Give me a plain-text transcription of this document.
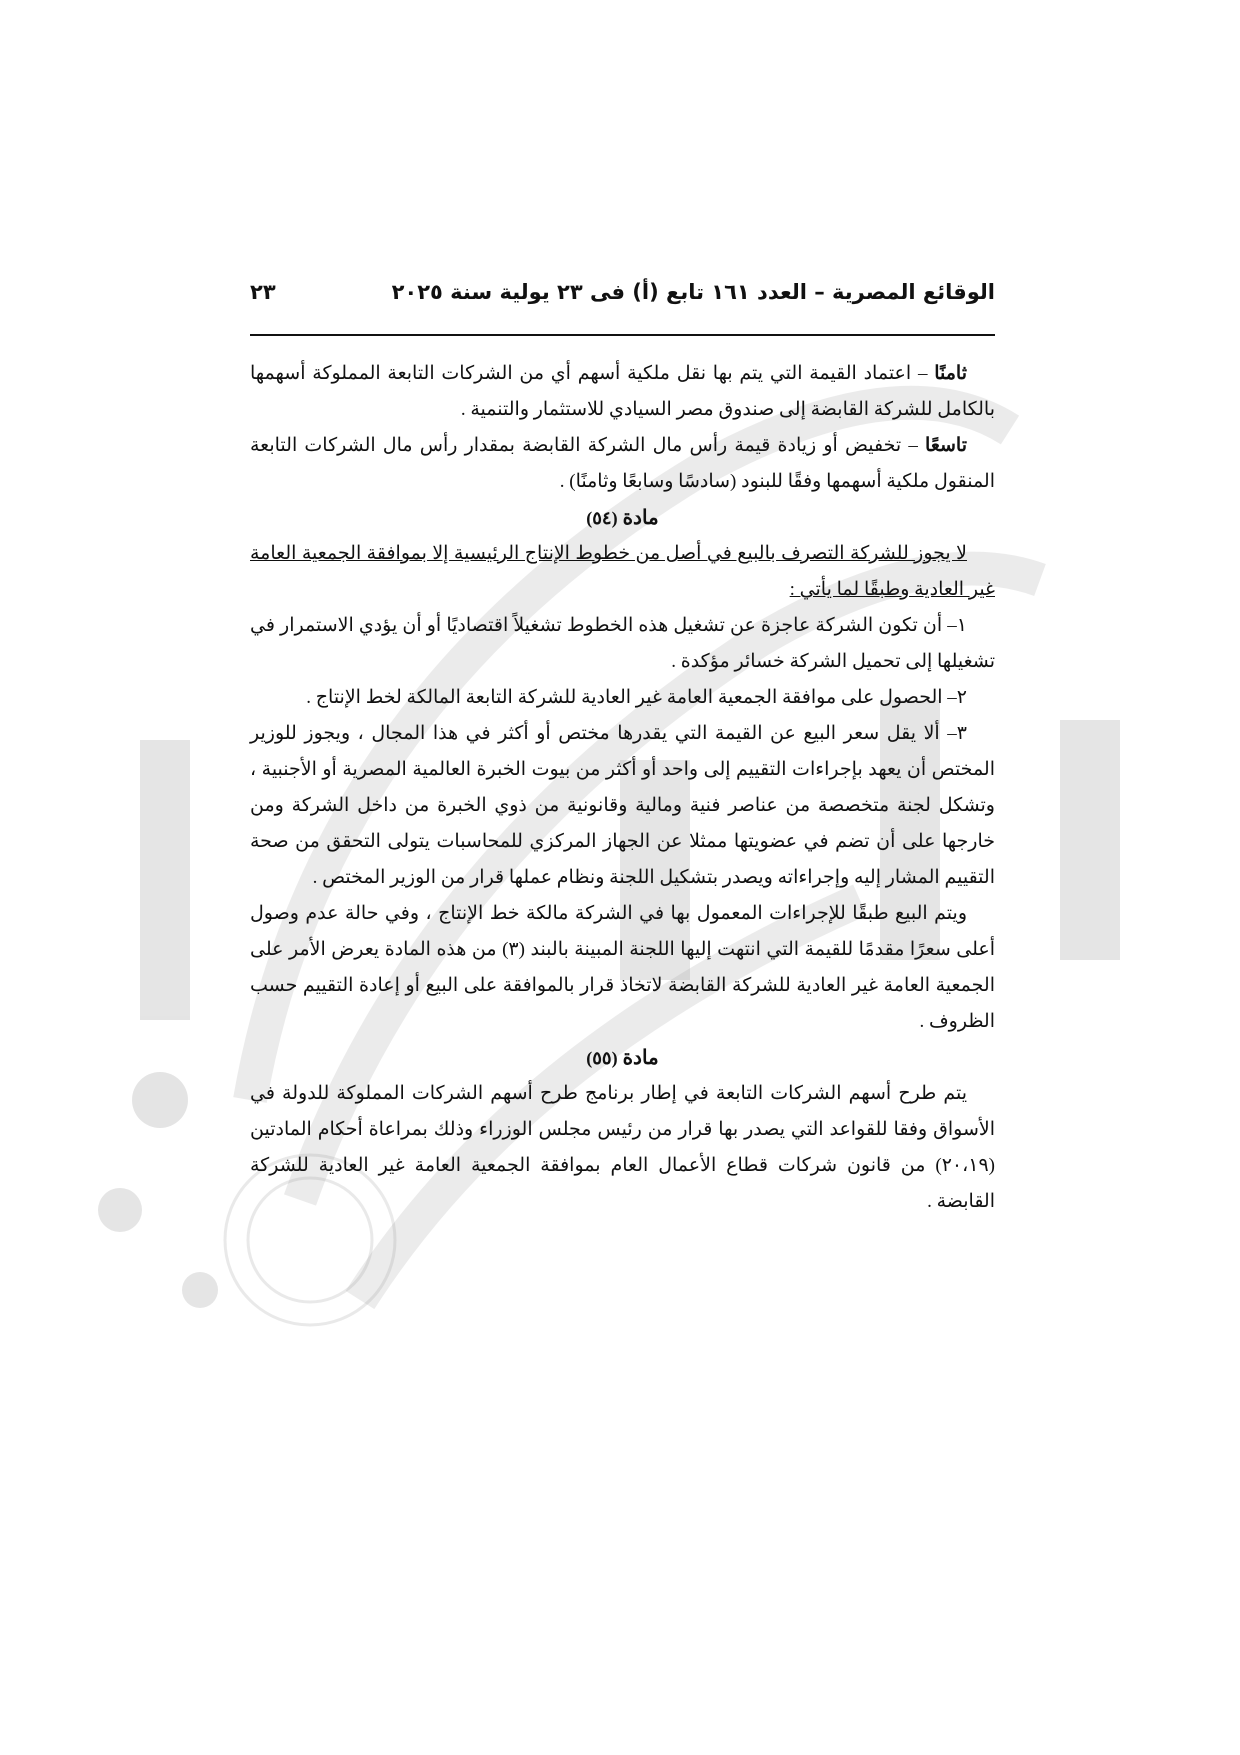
الوقائع المصرية – العدد ١٦١ تابع (أ) فى ٢٣ يولية سنة ٢٠٢٥
٢٣

ثامنًا – اعتماد القيمة التي يتم بها نقل ملكية أسهم أي من الشركات التابعة المملوكة أسهمها بالكامل للشركة القابضة إلى صندوق مصر السيادي للاستثمار والتنمية .

تاسعًا – تخفيض أو زيادة قيمة رأس مال الشركة القابضة بمقدار رأس مال الشركات التابعة المنقول ملكية أسهمها وفقًا للبنود (سادسًا وسابعًا وثامنًا) .

مادة (٥٤)

لا يجوز للشركة التصرف بالبيع في أصل من خطوط الإنتاج الرئيسية إلا بموافقة الجمعية العامة غير العادية وطبقًا لما يأتي :

١– أن تكون الشركة عاجزة عن تشغيل هذه الخطوط تشغيلاً اقتصاديًا أو أن يؤدي الاستمرار في تشغيلها إلى تحميل الشركة خسائر مؤكدة .

٢– الحصول على موافقة الجمعية العامة غير العادية للشركة التابعة المالكة لخط الإنتاج .

٣– ألا يقل سعر البيع عن القيمة التي يقدرها مختص أو أكثر في هذا المجال ، ويجوز للوزير المختص أن يعهد بإجراءات التقييم إلى واحد أو أكثر من بيوت الخبرة العالمية المصرية أو الأجنبية ، وتشكل لجنة متخصصة من عناصر فنية ومالية وقانونية من ذوي الخبرة من داخل الشركة ومن خارجها على أن تضم في عضويتها ممثلا عن الجهاز المركزي للمحاسبات يتولى التحقق من صحة التقييم المشار إليه وإجراءاته ويصدر بتشكيل اللجنة ونظام عملها قرار من الوزير المختص .

ويتم البيع طبقًا للإجراءات المعمول بها في الشركة مالكة خط الإنتاج ، وفي حالة عدم وصول أعلى سعرًا مقدمًا للقيمة التي انتهت إليها اللجنة المبينة بالبند (٣) من هذه المادة يعرض الأمر على الجمعية العامة غير العادية للشركة القابضة لاتخاذ قرار بالموافقة على البيع أو إعادة التقييم حسب الظروف .

مادة (٥٥)

يتم طرح أسهم الشركات التابعة في إطار برنامج طرح أسهم الشركات المملوكة للدولة في الأسواق وفقا للقواعد التي يصدر بها قرار من رئيس مجلس الوزراء وذلك بمراعاة أحكام المادتين (٢٠،١٩) من قانون شركات قطاع الأعمال العام بموافقة الجمعية العامة غير العادية للشركة القابضة .
